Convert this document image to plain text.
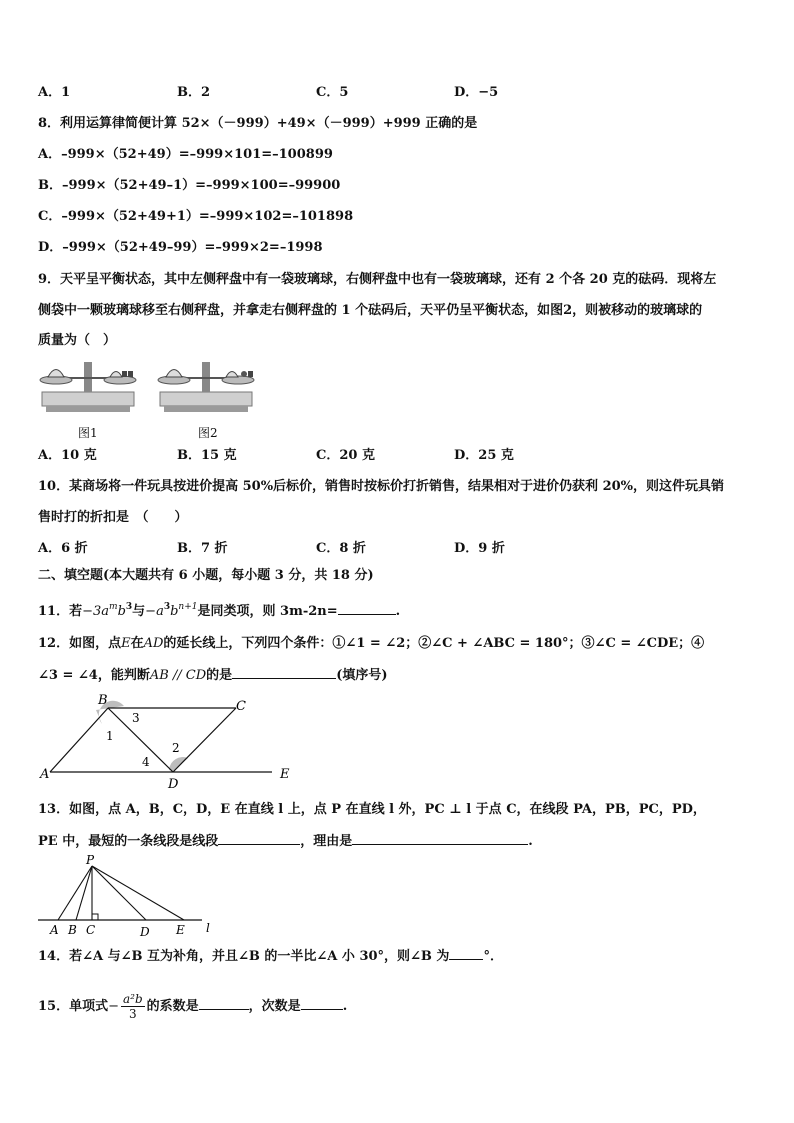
A．1	B．2	C．5	D．−5
8．利用运算律简便计算 52×（－999）+49×（－999）+999 正确的是
A．–999×（52+49）=–999×101=–100899
B．–999×（52+49–1）=–999×100=–99900
C．–999×（52+49+1）=–999×102=–101898
D．–999×（52+49–99）=–999×2=–1998
9．天平呈平衡状态，其中左侧秤盘中有一袋玻璃球，右侧秤盘中也有一袋玻璃球，还有 2 个各 20 克的砝码．现将左
侧袋中一颗玻璃球移至右侧秤盘，并拿走右侧秤盘的 1 个砝码后，天平仍呈平衡状态，如图2，则被移动的玻璃球的
质量为（　）
图1	图2
A．10 克	B．15 克	C．20 克	D．25 克
10．某商场将一件玩具按进价提高 50%后标价，销售时按标价打折销售，结果相对于进价仍获利 20%，则这件玩具销
售时打的折扣是　（　　）
A．6 折	B．7 折	C．8 折	D．9 折
二、填空题(本大题共有 6 小题，每小题 3 分，共 18 分)
11．若$-3a^mb^3$与$-a^3b^{n+1}$是同类项，则 3m-2n=	.
12．如图，点E在AD的延长线上，下列四个条件：①∠1 = ∠2；②∠C + ∠ABC = 180°；③∠C = ∠CDE；④
∠3 = ∠4，能判断AB // CD的是	(填序号)
B	C
A
D
E
1
2
3
4
13．如图，点 A，B，C，D，E 在直线 l 上，点 P 在直线 l 外，PC ⊥ l 于点 C，在线段 PA，PB，PC，PD，
PE 中，最短的一条线段是线段	，理由是	.
P
A B C	D E l
14．若∠A 与∠B 互为补角，并且∠B 的一半比∠A 小 30°，则∠B 为	°．
15．单项式− $\frac{\text{a²b}}{3}$ 的系数是	，次数是	.
